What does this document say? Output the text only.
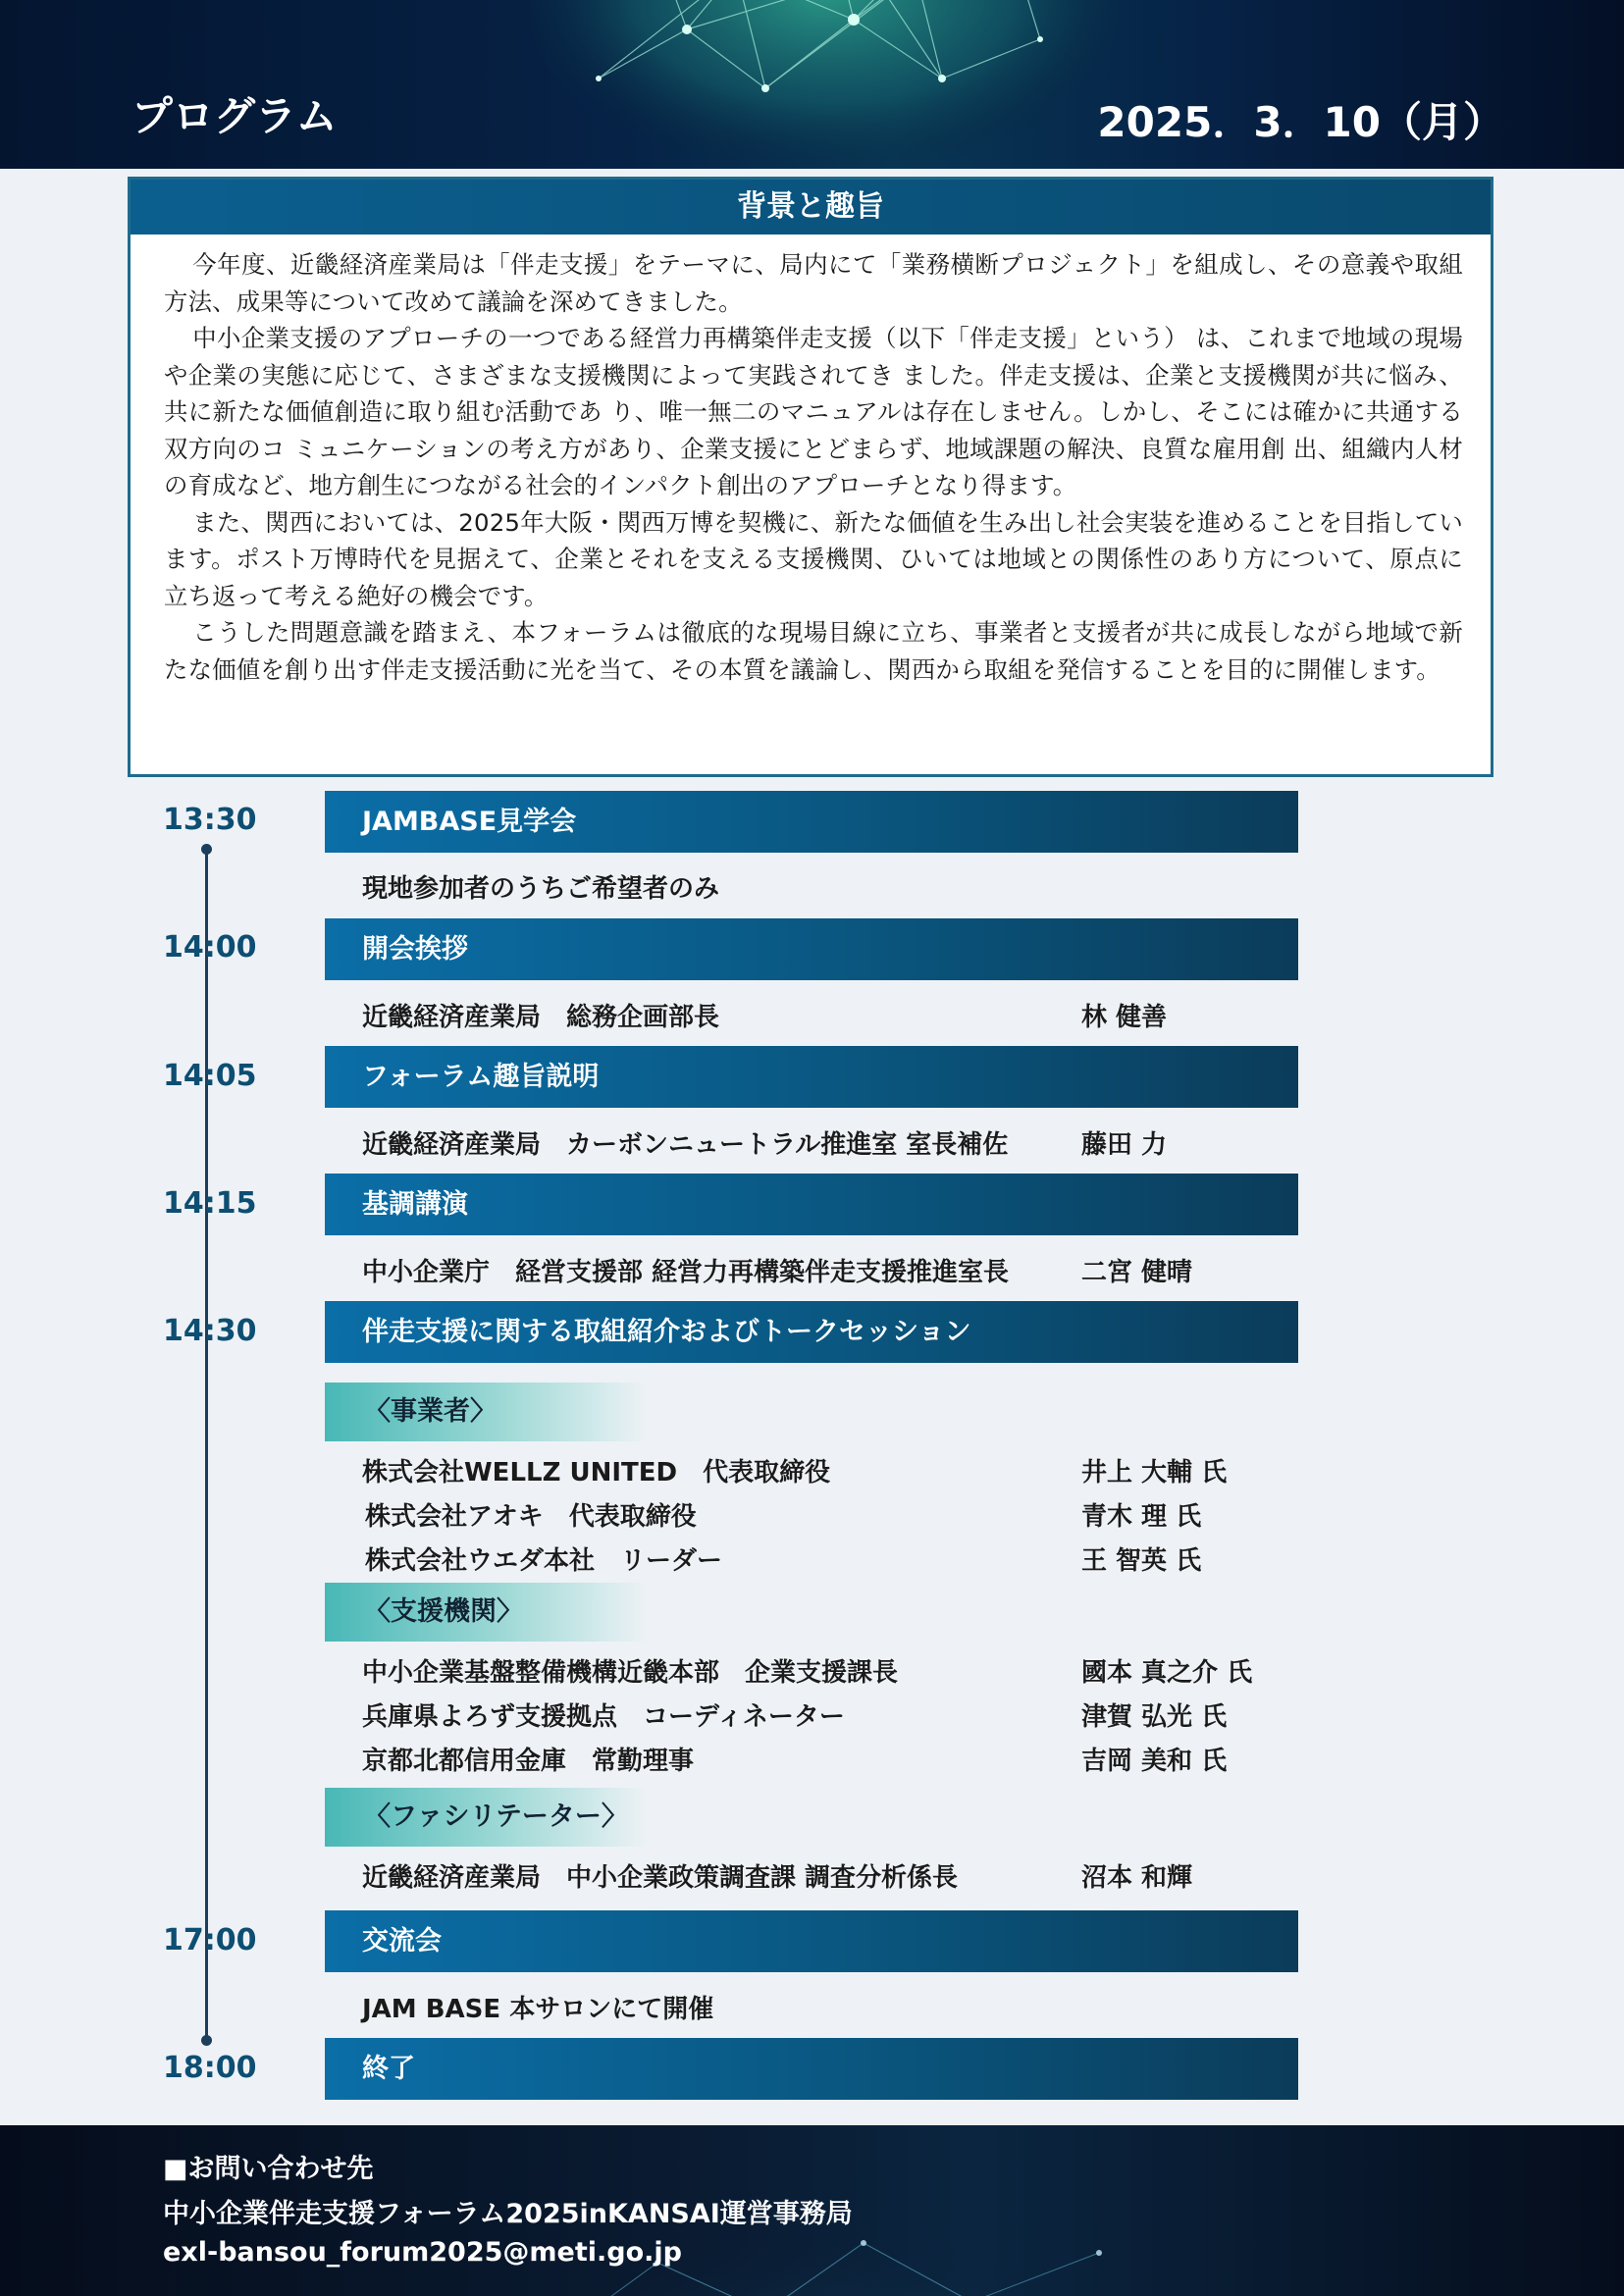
プログラム	2025．3．10（月）
背景と趣旨

今年度、近畿経済産業局は「伴走支援」をテーマに、局内にて「業務横断プロジェクト」を組成し、その意義や取組方法、成果等について改めて議論を深めてきました。

中小企業支援のアプローチの一つである経営力再構築伴走支援（以下「伴走支援」という） は、これまで地域の現場や企業の実態に応じて、さまざまな支援機関によって実践されてき ました。伴走支援は、企業と支援機関が共に悩み、共に新たな価値創造に取り組む活動であ り、唯一無二のマニュアルは存在しません。しかし、そこには確かに共通する双方向のコ ミュニケーションの考え方があり、企業支援にとどまらず、地域課題の解決、良質な雇用創 出、組織内人材の育成など、地方創生につながる社会的インパクト創出のアプローチとなり得ます。

また、関西においては、2025年大阪・関西万博を契機に、新たな価値を生み出し社会実装を進めることを目指しています。ポスト万博時代を見据えて、企業とそれを支える支援機関、ひいては地域との関係性のあり方について、原点に立ち返って考える絶好の機会です。

こうした問題意識を踏まえ、本フォーラムは徹底的な現場目線に立ち、事業者と支援者が共に成長しながら地域で新たな価値を創り出す伴走支援活動に光を当て、その本質を議論し、関西から取組を発信することを目的に開催します。

13:30	JAMBASE見学会
現地参加者のうちご希望者のみ
14:00	開会挨拶
近畿経済産業局　総務企画部長	林 健善
14:05	フォーラム趣旨説明
近畿経済産業局　カーボンニュートラル推進室 室長補佐	藤田 力
14:15	基調講演
中小企業庁　経営支援部 経営力再構築伴走支援推進室長	二宮 健晴
14:30	伴走支援に関する取組紹介およびトークセッション
〈事業者〉
株式会社WELLZ UNITED　代表取締役	井上 大輔 氏
株式会社アオキ　代表取締役	青木 理 氏
株式会社ウエダ本社　リーダー	王 智英 氏
〈支援機関〉
中小企業基盤整備機構近畿本部　企業支援課長	國本 真之介 氏
兵庫県よろず支援拠点　コーディネーター	津賀 弘光 氏
京都北都信用金庫　常勤理事	吉岡 美和 氏
〈ファシリテーター〉
近畿経済産業局　中小企業政策調査課 調査分析係長	沼本 和輝
17:00	交流会
JAM BASE 本サロンにて開催
18:00	終了
■お問い合わせ先
中小企業伴走支援フォーラム2025inKANSAI運営事務局
exl-bansou_forum2025@meti.go.jp
